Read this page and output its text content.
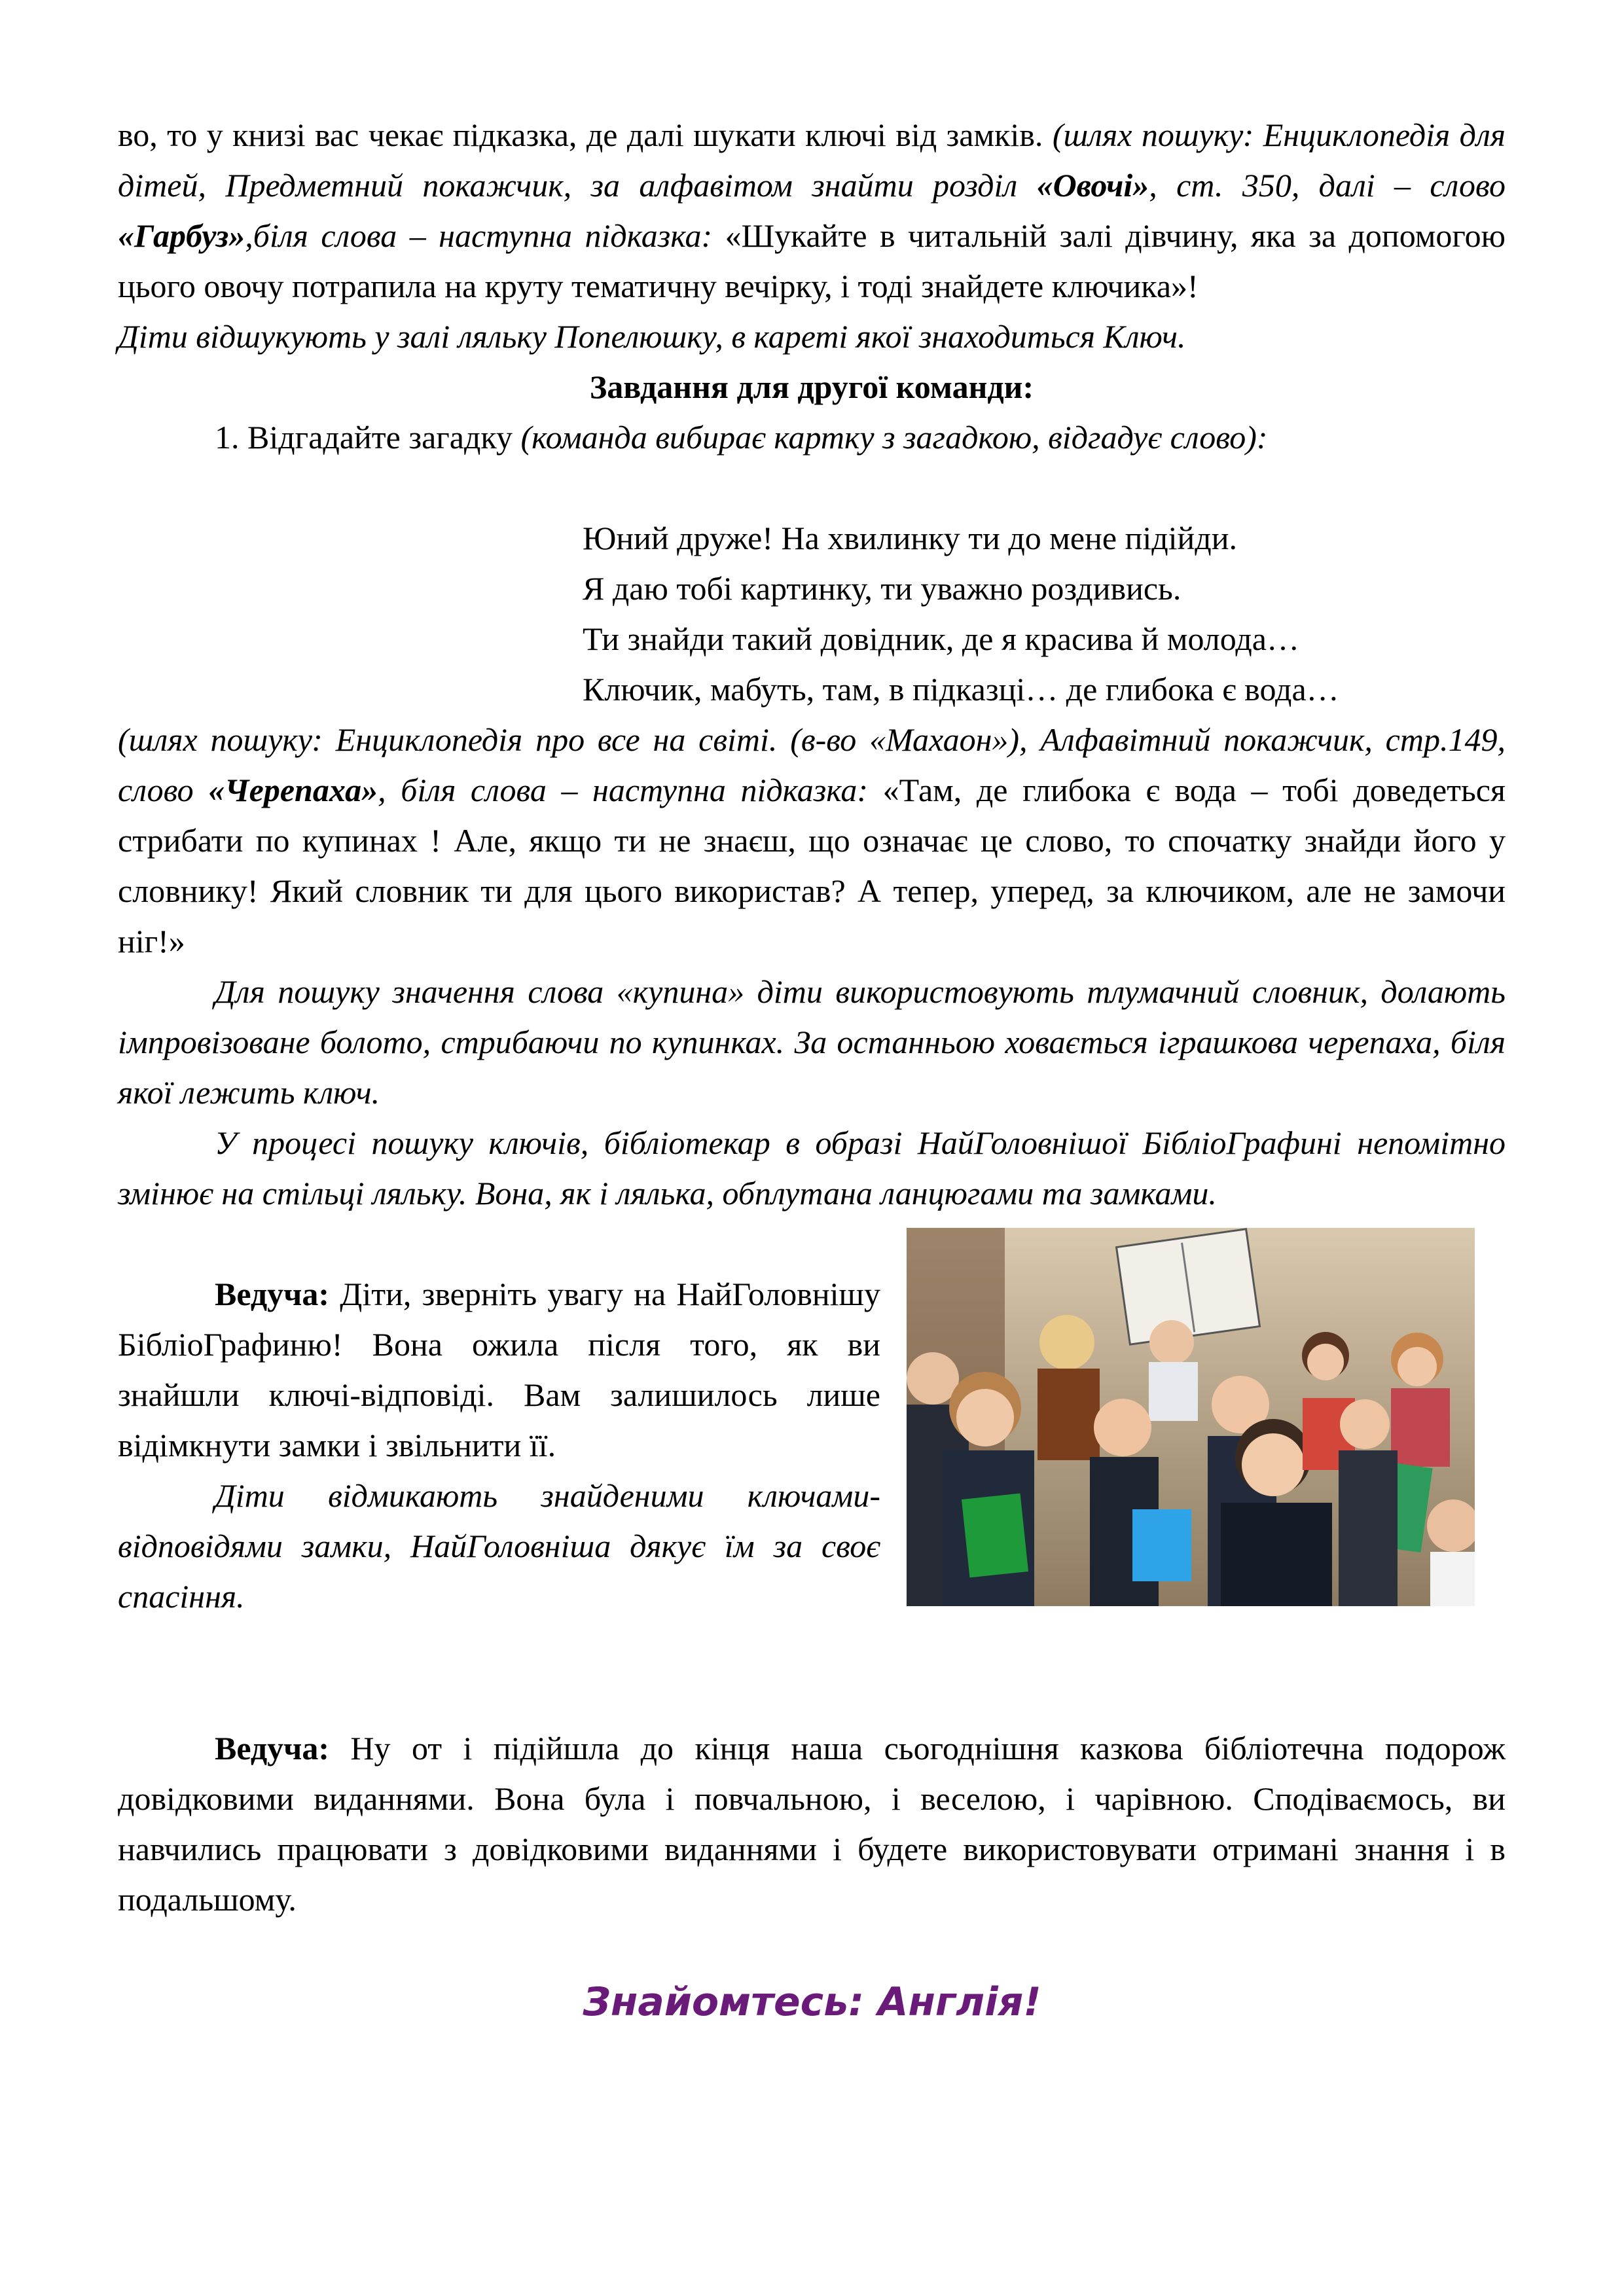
во, то у книзі вас чекає підказка, де далі шукати ключі від замків. (шлях пошуку: Енциклопедія для дітей, Предметний покажчик, за алфавітом знайти розділ «Овочі», ст. 350, далі – слово «Гарбуз»,біля слова – наступна підказка: «Шукайте в читальній залі дівчину, яка за допомогою цього овочу потрапила на круту тематичну вечірку, і тоді знайдете ключика»!

Діти відшукують у залі ляльку Попелюшку, в кареті якої знаходиться Ключ.

Завдання для другої команди:

1. Відгадайте загадку (команда вибирає картку з загадкою, відгадує слово):

Юний друже! На хвилинку ти до мене підійди.
Я даю тобі картинку, ти уважно роздивись.
Ти знайди такий довідник, де я красива й молода…
Ключик, мабуть, там, в підказці… де глибока є вода…

(шлях пошуку: Енциклопедія про все на світі. (в-во «Махаон»), Алфавітний покажчик, стр.149, слово «Черепаха», біля слова – наступна підказка: «Там, де глибока є вода – тобі доведеться стрибати по купинах ! Але, якщо ти не знаєш, що означає це слово, то спочатку знайди його у словнику! Який словник ти для цього використав? А тепер, уперед, за ключиком, але не замочи ніг!»

Для пошуку значення слова «купина» діти використовують тлумачний словник, долають імпровізоване болото, стрибаючи по купинках. За останньою ховається іграшкова черепаха, біля якої лежить ключ.

У процесі пошуку ключів, бібліотекар в образі НайГоловнішої БібліоГрафині непомітно змінює на стільці ляльку. Вона, як і лялька, обплутана ланцюгами та замками.

Ведуча: Діти, зверніть увагу на НайГоловнішу БібліоГрафиню! Вона ожила після того, як ви знайшли ключі-відповіді. Вам залишилось лише відімкнути замки і звільнити її.

Діти відмикають знайденими ключами-відповідями замки, НайГоловніша дякує їм за своє спасіння.

Ведуча: Ну от і підійшла до кінця наша сьогоднішня казкова бібліотечна подорож довідковими виданнями. Вона була і повчальною, і веселою, і чарівною. Сподіваємось, ви навчились працювати з довідковими виданнями і будете використовувати отримані знання і в подальшому.

Знайомтесь: Англія!
